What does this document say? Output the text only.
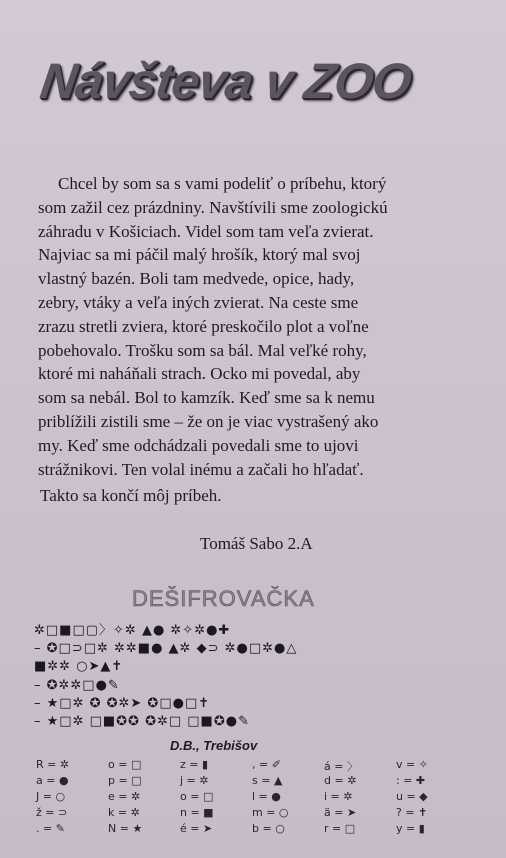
Návšteva v ZOO
Chcel by som sa s vami podeliť o príbehu, ktorý
som zažil cez prázdniny. Navštívili sme zoologickú
záhradu v Košiciach. Videl som tam veľa zvierat.
Najviac sa mi páčil malý hrošík, ktorý mal svoj
vlastný bazén. Boli tam medvede, opice, hady,
zebry, vtáky a veľa iných zvierat. Na ceste sme
zrazu stretli zviera, ktoré preskočilo plot a voľne
pobehovalo. Trošku som sa bál. Mal veľké rohy,
ktoré mi naháňali strach. Ocko mi povedal, aby
som sa nebál. Bol to kamzík. Keď sme sa k nemu
priblížili zistili sme – že on je viac vystrašený ako
my. Keď sme odchádzali povedali sme to ujovi
strážnikovi. Ten volal inému a začali ho hľadať.

Takto sa končí môj príbeh.

Tomáš Sabo 2.A

DEŠIFROVAČKA
✲□■□▢〉✧✲ ▲● ✲✧✲●✚
– ✪□⊃□✲ ✲✲■● ▲✲ ◆⊃ ✲●□✲●△
■✲✲ ○➤▲✝
– ✪✲✲□●✎
– ★□✲ ✪ ✪✲➤ ✪□●□✝
– ★□✲ □■✪✪ ✪✲□ □■✪●✎
D.B., Trebišov
R = ✲	o = □	z = ▮	, = ✐	á = 〉	v = ✧
a = ●	p = □	j = ✲	s = ▲	d = ✲	: = ✚
J = ○	e = ✲	o = □	l = ●	i = ✲	u = ◆
ž = ⊃	k = ✲	n = ■	m = ○	ä = ➤	? = ✝
. = ✎	N = ★	é = ➤	b = ○	r = □	y = ▮
